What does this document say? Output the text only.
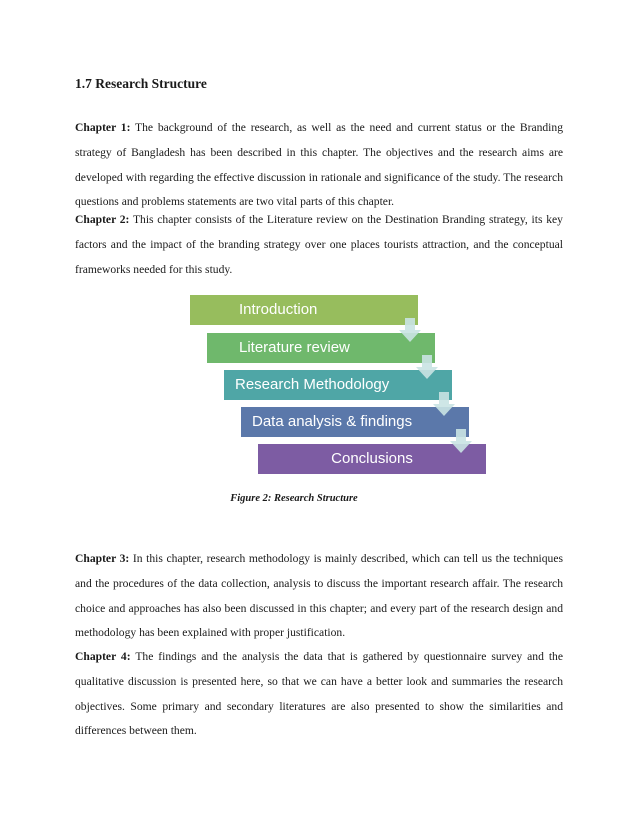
1.7 Research Structure

Chapter 1: The background of the research, as well as the need and current status or the Branding strategy of Bangladesh has been described in this chapter. The objectives and the research aims are developed with regarding the effective discussion in rationale and significance of the study. The research questions and problems statements are two vital parts of this chapter.

Chapter 2: This chapter consists of the Literature review on the Destination Branding strategy, its key factors and the impact of the branding strategy over one places tourists attraction, and the conceptual frameworks needed for this study.

Introduction
Literature review
Research Methodology
Data analysis & findings
Conclusions

Figure 2: Research Structure

Chapter 3: In this chapter, research methodology is mainly described, which can tell us the techniques and the procedures of the data collection, analysis to discuss the important research affair. The research choice and approaches has also been discussed in this chapter; and every part of the research design and methodology has been explained with proper justification.

Chapter 4: The findings and the analysis the data that is gathered by questionnaire survey and the qualitative discussion is presented here, so that we can have a better look and summaries the research objectives. Some primary and secondary literatures are also presented to show the similarities and differences between them.
